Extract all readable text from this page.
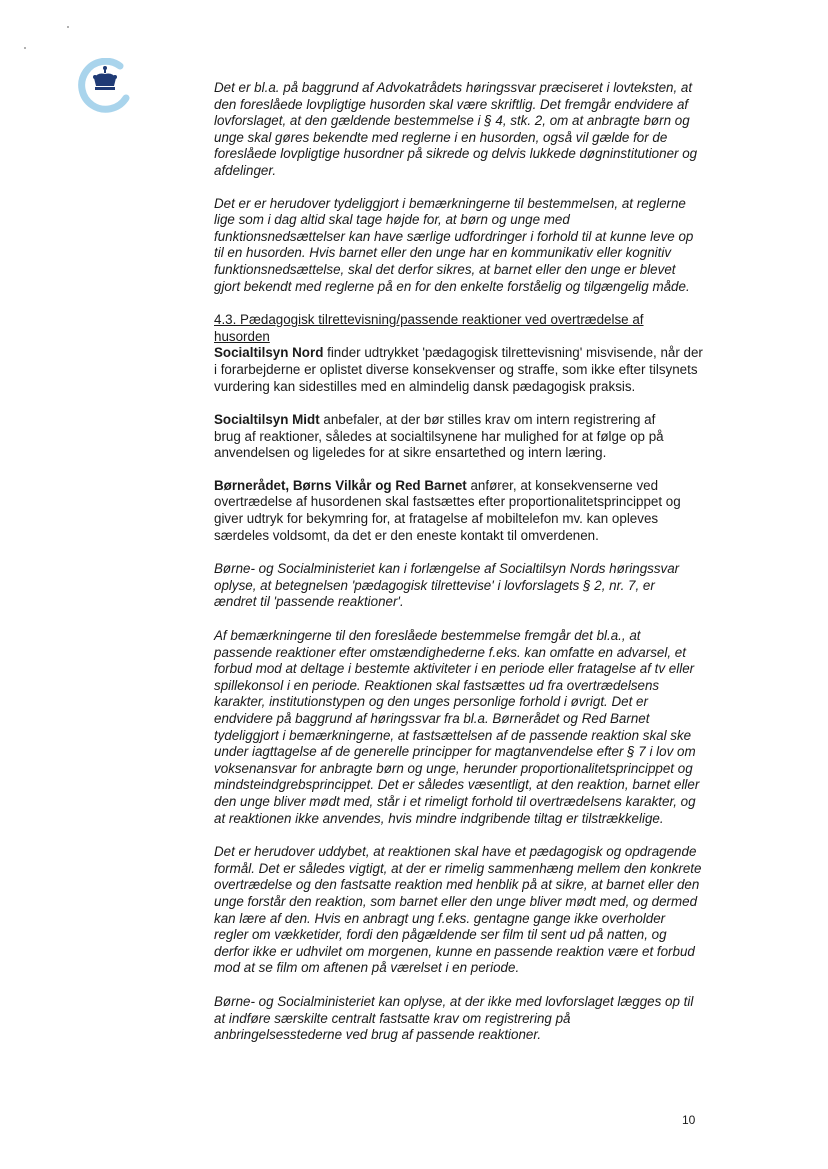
Det er bl.a. på baggrund af Advokatrådets høringssvar præciseret i lovteksten, at den foreslåede lovpligtige husorden skal være skriftlig. Det fremgår endvidere af lovforslaget, at den gældende bestemmelse i § 4, stk. 2, om at anbragte børn og unge skal gøres bekendte med reglerne i en husorden, også vil gælde for de foreslåede lovpligtige husordner på sikrede og delvis lukkede døgninstitutioner og afdelinger.

Det er er herudover tydeliggjort i bemærkningerne til bestemmelsen, at reglerne lige som i dag altid skal tage højde for, at børn og unge med funktionsnedsættelser kan have særlige udfordringer i forhold til at kunne leve op til en husorden. Hvis barnet eller den unge har en kommunikativ eller kognitiv funktionsnedsættelse, skal det derfor sikres, at barnet eller den unge er blevet gjort bekendt med reglerne på en for den enkelte forståelig og tilgængelig måde.

4.3. Pædagogisk tilrettevisning/passende reaktioner ved overtrædelse af husorden

Socialtilsyn Nord finder udtrykket 'pædagogisk tilrettevisning' misvisende, når der i forarbejderne er oplistet diverse konsekvenser og straffe, som ikke efter tilsynets vurdering kan sidestilles med en almindelig dansk pædagogisk praksis.

Socialtilsyn Midt anbefaler, at der bør stilles krav om intern registrering af brug af reaktioner, således at socialtilsynene har mulighed for at følge op på anvendelsen og ligeledes for at sikre ensartethed og intern læring.

Børnerådet, Børns Vilkår og Red Barnet anfører, at konsekvenserne ved overtrædelse af husordenen skal fastsættes efter proportionalitetsprincippet og giver udtryk for bekymring for, at fratagelse af mobiltelefon mv. kan opleves særdeles voldsomt, da det er den eneste kontakt til omverdenen.

Børne- og Socialministeriet kan i forlængelse af Socialtilsyn Nords høringssvar oplyse, at betegnelsen 'pædagogisk tilrettevise' i lovforslagets § 2, nr. 7, er ændret til 'passende reaktioner'.

Af bemærkningerne til den foreslåede bestemmelse fremgår det bl.a., at passende reaktioner efter omstændighederne f.eks. kan omfatte en advarsel, et forbud mod at deltage i bestemte aktiviteter i en periode eller fratagelse af tv eller spillekonsol i en periode. Reaktionen skal fastsættes ud fra overtrædelsens karakter, institutionstypen og den unges personlige forhold i øvrigt. Det er endvidere på baggrund af høringssvar fra bl.a. Børnerådet og Red Barnet tydeliggjort i bemærkningerne, at fastsættelsen af de passende reaktion skal ske under iagttagelse af de generelle principper for magtanvendelse efter § 7 i lov om voksenansvar for anbragte børn og unge, herunder proportionalitetsprincippet og mindsteindgrebsprincippet. Det er således væsentligt, at den reaktion, barnet eller den unge bliver mødt med, står i et rimeligt forhold til overtrædelsens karakter, og at reaktionen ikke anvendes, hvis mindre indgribende tiltag er tilstrækkelige.

Det er herudover uddybet, at reaktionen skal have et pædagogisk og opdragende formål. Det er således vigtigt, at der er rimelig sammenhæng mellem den konkrete overtrædelse og den fastsatte reaktion med henblik på at sikre, at barnet eller den unge forstår den reaktion, som barnet eller den unge bliver mødt med, og dermed kan lære af den. Hvis en anbragt ung f.eks. gentagne gange ikke overholder regler om vækketider, fordi den pågældende ser film til sent ud på natten, og derfor ikke er udhvilet om morgenen, kunne en passende reaktion være et forbud mod at se film om aftenen på værelset i en periode.

Børne- og Socialministeriet kan oplyse, at der ikke med lovforslaget lægges op til at indføre særskilte centralt fastsatte krav om registrering på anbringelsesstederne ved brug af passende reaktioner.

10
